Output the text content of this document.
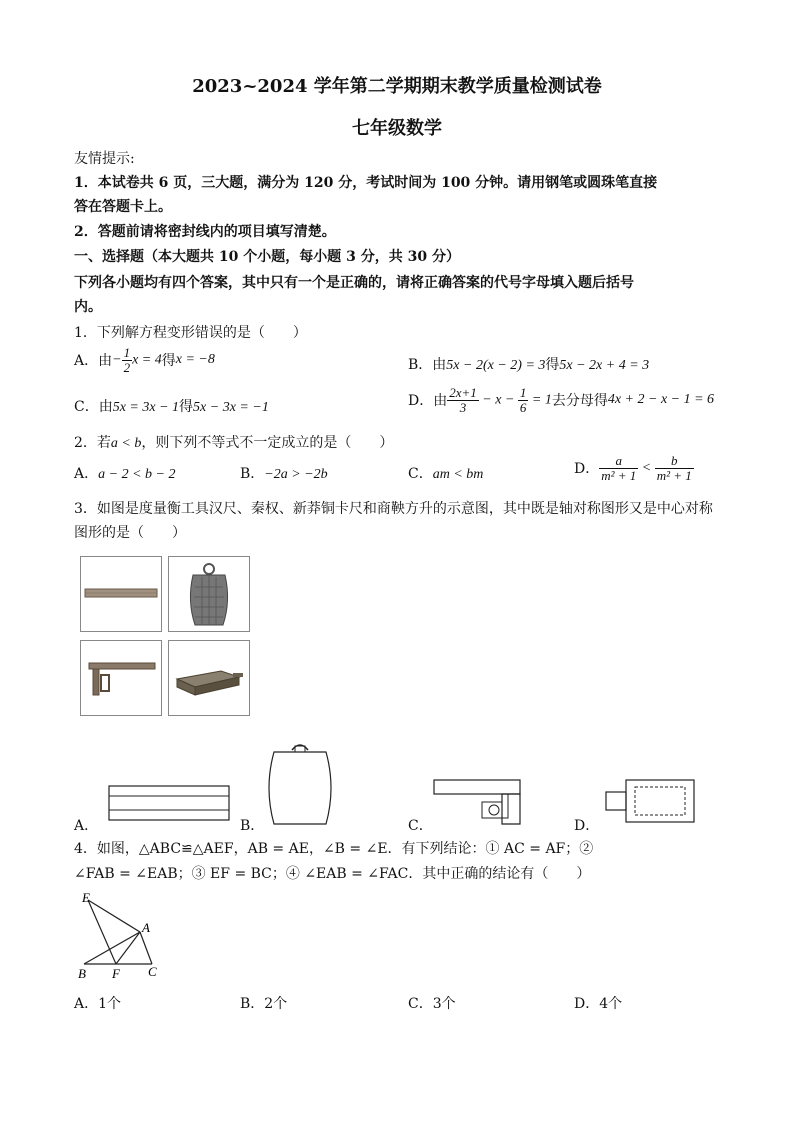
2023~2024 学年第二学期期末教学质量检测试卷
七年级数学
友情提示:
1．本试卷共 6 页，三大题，满分为 120 分，考试时间为 100 分钟。请用钢笔或圆珠笔直接
答在答题卡上。
2．答题前请将密封线内的项目填写清楚。
一、选择题（本大题共 10 个小题，每小题 3 分，共 30 分）
下列各小题均有四个答案，其中只有一个是正确的，请将正确答案的代号字母填入题后括号
内。
1．下列解方程变形错误的是（　　）
A．由 − $\frac{1}{2}$ x = 4 得 x = −8	B．由5x − 2(x − 2) = 3得5x − 2x + 4 = 3
C．由5x = 3x − 1得5x − 3x = −1	D．由 $\frac{2x+1}{3} - x - \frac{1}{6} = 1$ 去分母得 4x + 2 − x − 1 = 6
2．若a < b，则下列不等式不一定成立的是（　　）
A．a − 2 < b − 2	B．−2a > −2b	C．am < bm	D． $\frac{a}{\text{m² + 1}} < \frac{b}{\text{m² + 1}}$
3．如图是度量衡工具汉尺、秦权、新莽铜卡尺和商鞅方升的示意图，其中既是轴对称图形又是中心对称
图形的是（　　）
A．	B．	C．	D．
4．如图，△ABC≌△AEF，AB = AE，∠B = ∠E．有下列结论：① AC = AF；②
∠FAB = ∠EAB；③ EF = BC；④ ∠EAB = ∠FAC．其中正确的结论有（　　）
E
A
B F C
A．1个	B．2个	C．3个	D．4个
